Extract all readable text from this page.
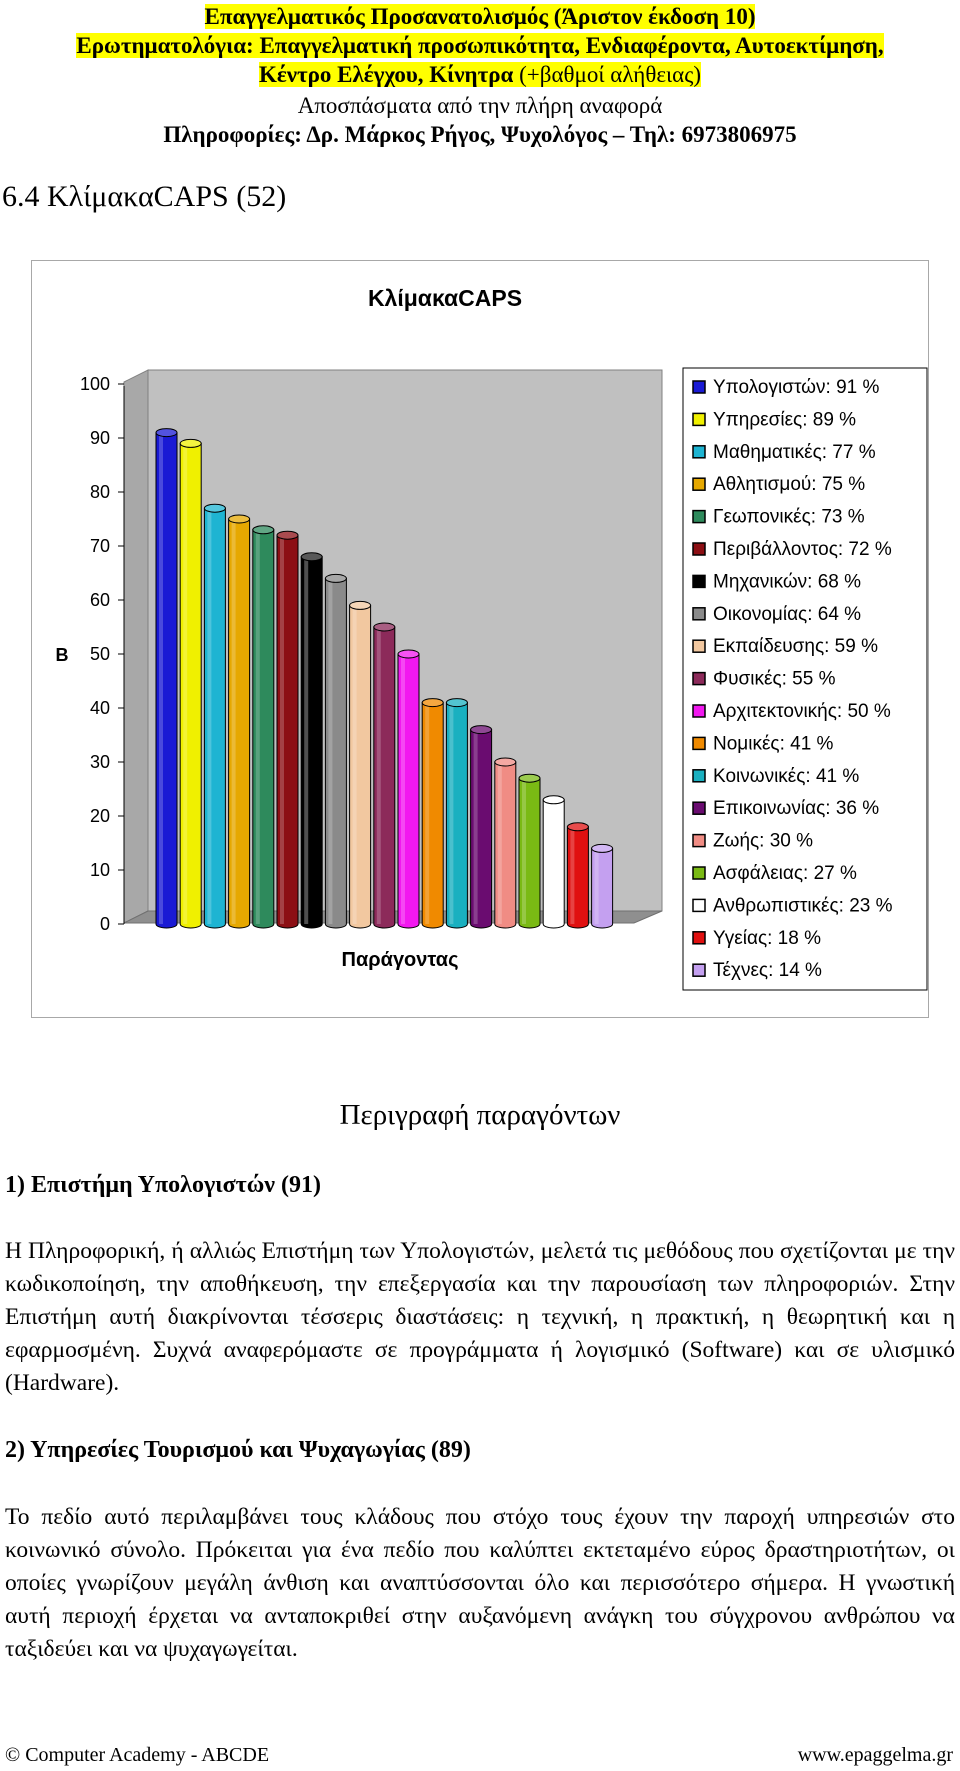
Επαγγελματικός Προσανατολισμός (Άριστον έκδοση 10)
Ερωτηματολόγια: Επαγγελματική προσωπικότητα, Ενδιαφέροντα, Αυτοεκτίμηση,
Κέντρο Ελέγχου, Κίνητρα (+βαθμοί αλήθειας)
Αποσπάσματα από την πλήρη αναφορά
Πληροφορίες: Δρ. Μάρκος Ρήγος, Ψυχολόγος – Τηλ: 6973806975
6.4 ΚλίμακαCAPS (52)
0
10
20
30
40
50
60
70
80
90
100
ΚλίμακαCAPS
Παράγοντας
B
Υπολογιστών: 91 %
Υπηρεσίες: 89 %
Μαθηματικές: 77 %
Αθλητισμού: 75 %
Γεωπονικές: 73 %
Περιβάλλοντος: 72 %
Μηχανικών: 68 %
Οικονομίας: 64 %
Εκπαίδευσης: 59 %
Φυσικές: 55 %
Αρχιτεκτονικής: 50 %
Νομικές: 41 %
Κοινωνικές: 41 %
Επικοινωνίας: 36 %
Ζωής: 30 %
Ασφάλειας: 27 %
Ανθρωπιστικές: 23 %
Υγείας: 18 %
Τέχνες: 14 %
Περιγραφή παραγόντων
1) Επιστήμη Υπολογιστών (91)
Η Πληροφορική, ή αλλιώς Επιστήμη των Υπολογιστών, μελετά τις μεθόδους που σχετίζονται με την κωδικοποίηση, την αποθήκευση, την επεξεργασία και την παρουσίαση των πληροφοριών. Στην Επιστήμη αυτή διακρίνονται τέσσερις διαστάσεις: η τεχνική, η πρακτική, η θεωρητική και η εφαρμοσμένη. Συχνά αναφερόμαστε σε προγράμματα ή λογισμικό (Software) και σε υλισμικό (Hardware).
2) Υπηρεσίες Τουρισμού και Ψυχαγωγίας (89)
Το πεδίο αυτό περιλαμβάνει τους κλάδους που στόχο τους έχουν την παροχή υπηρεσιών στο κοινωνικό σύνολο. Πρόκειται για ένα πεδίο που καλύπτει εκτεταμένο εύρος δραστηριοτήτων, οι οποίες γνωρίζουν μεγάλη άνθιση και αναπτύσσονται όλο και περισσότερο σήμερα. Η γνωστική αυτή περιοχή έρχεται να ανταποκριθεί στην αυξανόμενη ανάγκη του σύγχρονου ανθρώπου να ταξιδεύει και να ψυχαγωγείται.
© Computer Academy - ABCDE	www.epaggelma.gr
